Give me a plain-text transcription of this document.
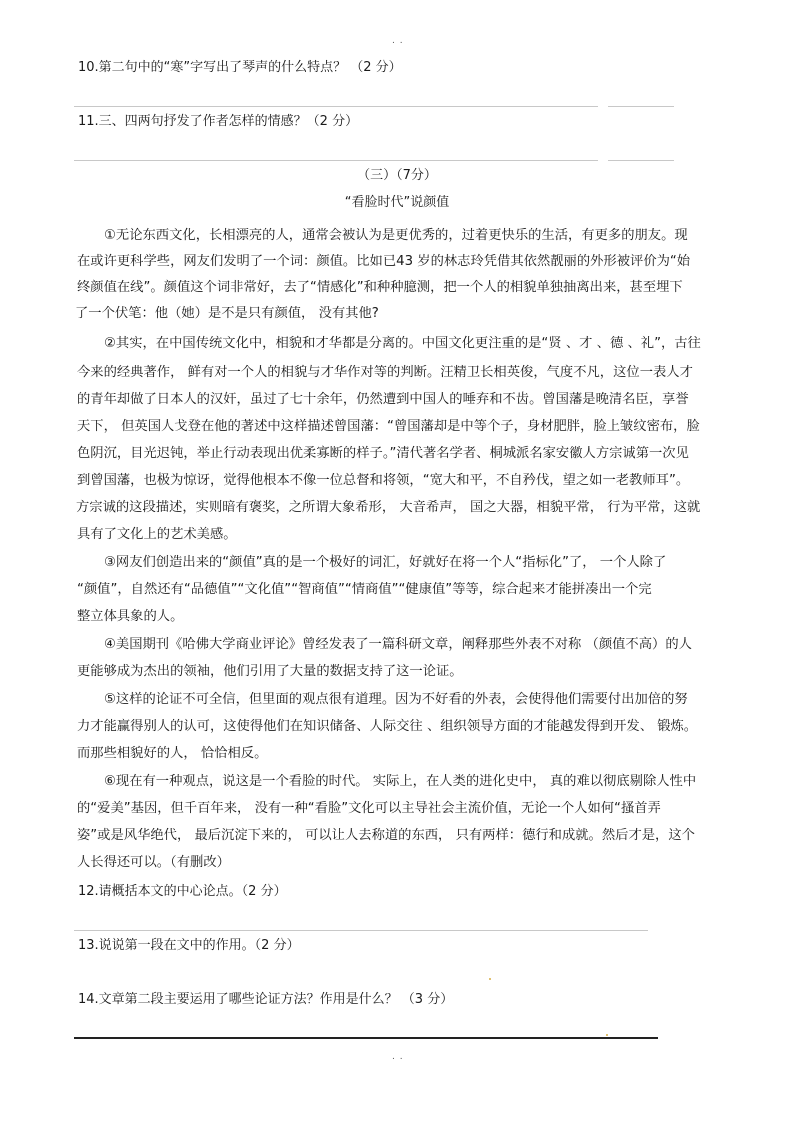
. .
10.第二句中的“寒”字写出了琴声的什么特点？ （2 分）
11.三、四两句抒发了作者怎样的情感？（2 分）
（三）（7分）
“看脸时代”说颜值
①无论东西文化，长相漂亮的人，通常会被认为是更优秀的，过着更快乐的生活，有更多的朋友。现
在或许更科学些，网友们发明了一个词：颜值。比如已43 岁的林志玲凭借其依然靓丽的外形被评价为“始
终颜值在线”。颜值这个词非常好，去了“情感化”和种种臆测，把一个人的相貌单独抽离出来，甚至埋下
了一个伏笔：他（她）是不是只有颜值， 没有其他?
②其实，在中国传统文化中，相貌和才华都是分离的。中国文化更注重的是“贤 、才 、德 、礼”，古往
今来的经典著作， 鲜有对一个人的相貌与才华作对等的判断。汪精卫长相英俊，气度不凡，这位一表人才
的青年却做了日本人的汉奸，虽过了七十余年，仍然遭到中国人的唾弃和不齿。曾国藩是晚清名臣，享誉
天下， 但英国人戈登在他的著述中这样描述曾国藩：“曾国藩却是中等个子，身材肥胖，脸上皱纹密布，脸
色阴沉，目光迟钝，举止行动表现出优柔寡断的样子。”清代著名学者、桐城派名家安徽人方宗诚第一次见
到曾国藩，也极为惊讶，觉得他根本不像一位总督和将领，“宽大和平，不自矜伐，望之如一老教师耳”。
方宗诚的这段描述，实则暗有褒奖，之所谓大象希形， 大音希声， 国之大器，相貌平常， 行为平常，这就
具有了文化上的艺术美感。
③网友们创造出来的“颜值”真的是一个极好的词汇，好就好在将一个人“指标化”了， 一个人除了
“颜值”，自然还有“品德值”“文化值”“智商值”“情商值”“健康值”等等，综合起来才能拼凑出一个完
整立体具象的人。
④美国期刊《哈佛大学商业评论》曾经发表了一篇科研文章，阐释那些外表不对称 （颜值不高）的人
更能够成为杰出的领袖，他们引用了大量的数据支持了这一论证。
⑤这样的论证不可全信，但里面的观点很有道理。因为不好看的外表，会使得他们需要付出加倍的努
力才能赢得别人的认可，这使得他们在知识储备、人际交往 、组织领导方面的才能越发得到开发、 锻炼。
而那些相貌好的人， 恰恰相反。
⑥现在有一种观点，说这是一个看脸的时代。 实际上，在人类的进化史中， 真的难以彻底剔除人性中
的“爱美”基因，但千百年来， 没有一种“看脸”文化可以主导社会主流价值，无论一个人如何“搔首弄
姿”或是风华绝代， 最后沉淀下来的， 可以让人去称道的东西， 只有两样：德行和成就。然后才是，这个
人长得还可以。（有删改）
12.请概括本文的中心论点。（2 分）
13.说说第一段在文中的作用。（2 分）
14.文章第二段主要运用了哪些论证方法？作用是什么？ （3 分）
. .
